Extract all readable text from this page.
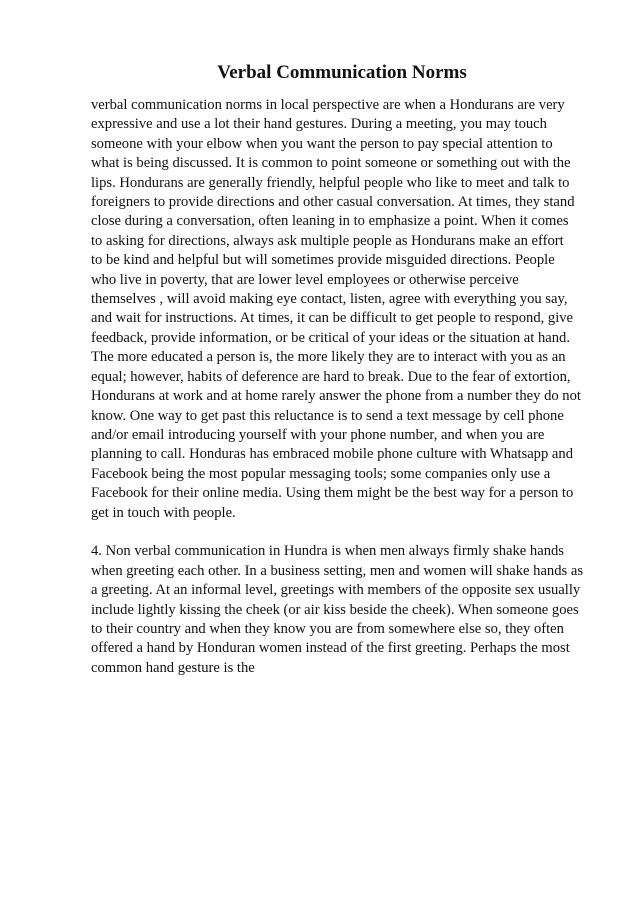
Verbal Communication Norms
verbal communication norms in local perspective are when a Hondurans are very
expressive and use a lot their hand gestures. During a meeting, you may touch
someone with your elbow when you want the person to pay special attention to
what is being discussed. It is common to point someone or something out with the
lips. Hondurans are generally friendly, helpful people who like to meet and talk to
foreigners to provide directions and other casual conversation. At times, they stand
close during a conversation, often leaning in to emphasize a point. When it comes
to asking for directions, always ask multiple people as Hondurans make an effort
to be kind and helpful but will sometimes provide misguided directions. People
who live in poverty, that are lower level employees or otherwise perceive
themselves , will avoid making eye contact, listen, agree with everything you say,
and wait for instructions. At times, it can be difficult to get people to respond, give
feedback, provide information, or be critical of your ideas or the situation at hand.
The more educated a person is, the more likely they are to interact with you as an
equal; however, habits of deference are hard to break. Due to the fear of extortion,
Hondurans at work and at home rarely answer the phone from a number they do not
know. One way to get past this reluctance is to send a text message by cell phone
and/or email introducing yourself with your phone number, and when you are
planning to call. Honduras has embraced mobile phone culture with Whatsapp and
Facebook being the most popular messaging tools; some companies only use a
Facebook for their online media. Using them might be the best way for a person to
get in touch with people.
4. Non verbal communication in Hundra is when men always firmly shake hands
when greeting each other. In a business setting, men and women will shake hands as
a greeting. At an informal level, greetings with members of the opposite sex usually
include lightly kissing the cheek (or air kiss beside the cheek). When someone goes
to their country and when they know you are from somewhere else so, they often
offered a hand by Honduran women instead of the first greeting. Perhaps the most
common hand gesture is the
